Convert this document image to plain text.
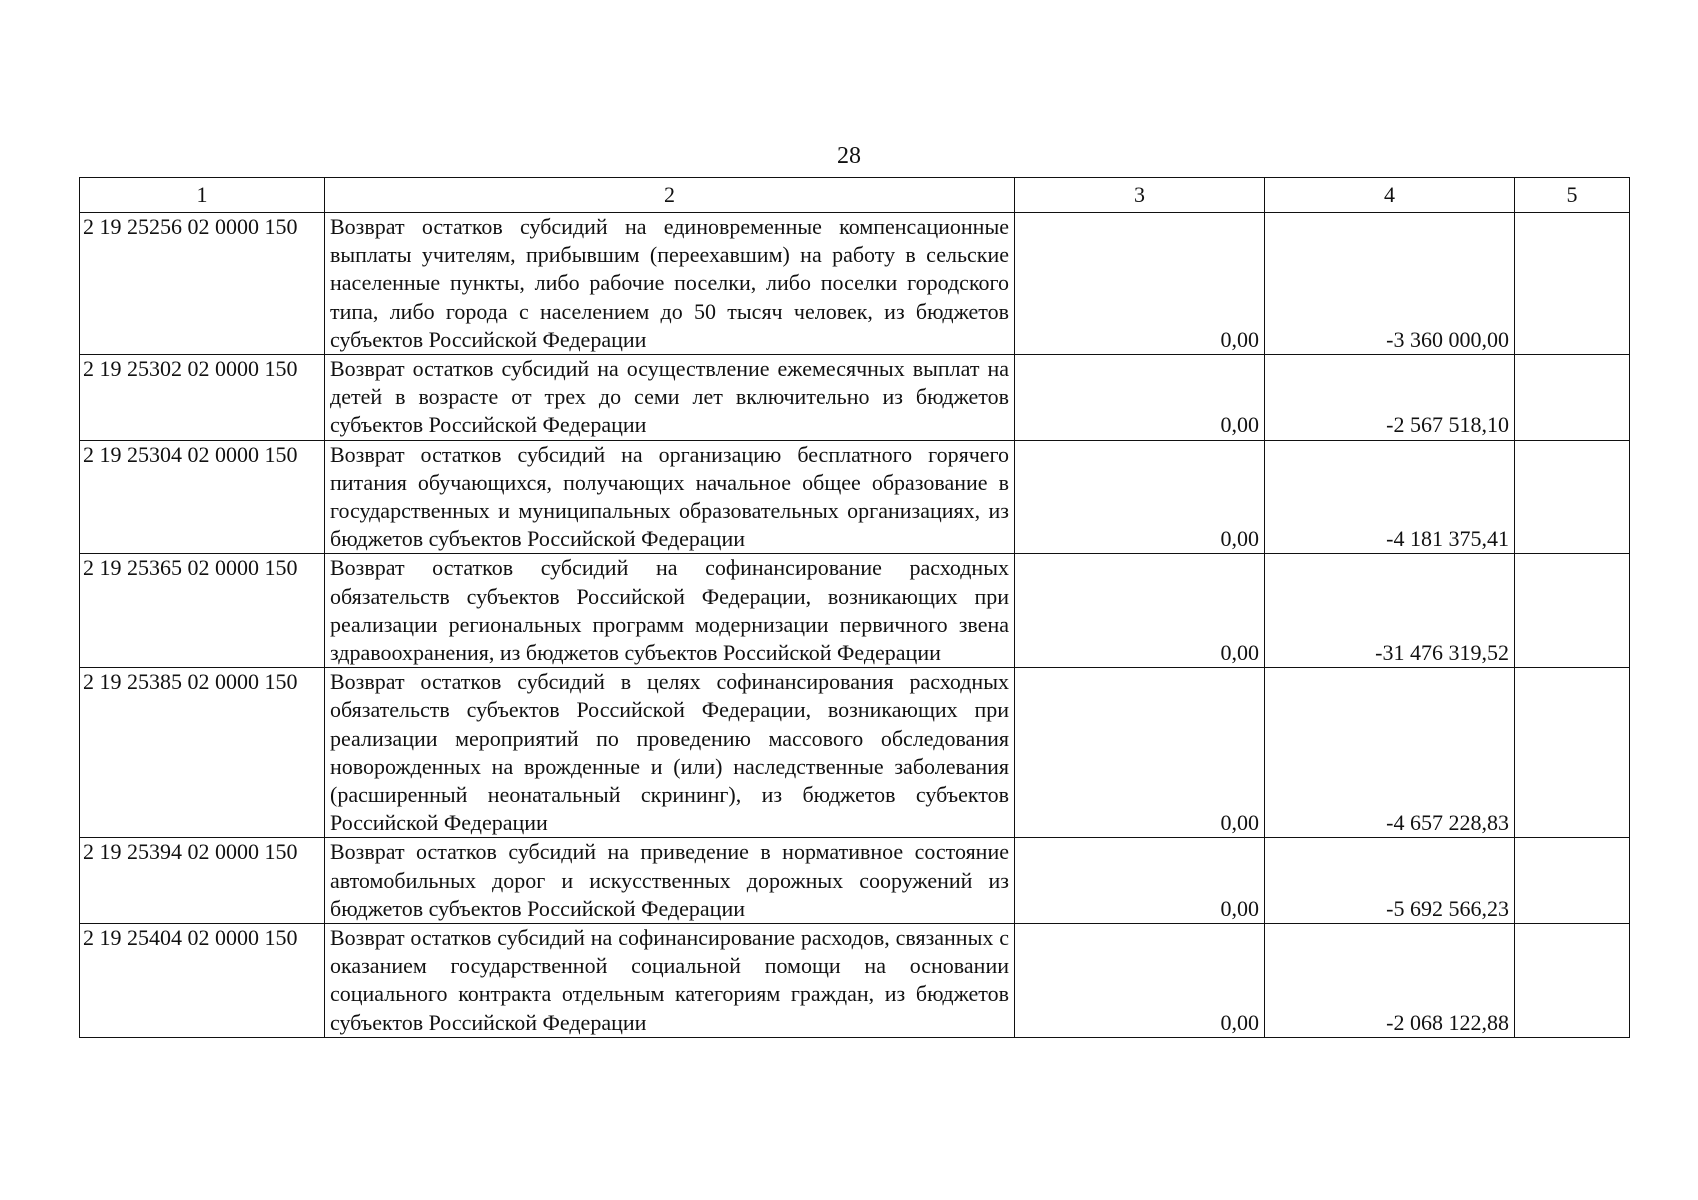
28
1	2	3	4	5
2 19 25256 02 0000 150	Возврат остатков субсидий на единовременные компенсационные выплаты учителям, прибывшим (переехавшим) на работу в сельские населенные пункты, либо рабочие поселки, либо поселки городского типа, либо города с населением до 50 тысяч человек, из бюджетов субъектов Российской Федерации	0,00	-3 360 000,00	
2 19 25302 02 0000 150	Возврат остатков субсидий на осуществление ежемесячных выплат на детей в возрасте от трех до семи лет включительно из бюджетов субъектов Российской Федерации	0,00	-2 567 518,10	
2 19 25304 02 0000 150	Возврат остатков субсидий на организацию бесплатного горячего питания обучающихся, получающих начальное общее образование в государственных и муниципальных образовательных организациях, из бюджетов субъектов Российской Федерации	0,00	-4 181 375,41	
2 19 25365 02 0000 150	Возврат остатков субсидий на софинансирование расходных обязательств субъектов Российской Федерации, возникающих при реализации региональных программ модернизации первичного звена здравоохранения, из бюджетов субъектов Российской Федерации	0,00	-31 476 319,52	
2 19 25385 02 0000 150	Возврат остатков субсидий в целях софинансирования расходных обязательств субъектов Российской Федерации, возникающих при реализации мероприятий по проведению массового обследования новорожденных на врожденные и (или) наследственные заболевания (расширенный неонатальный скрининг), из бюджетов субъектов Российской Федерации	0,00	-4 657 228,83	
2 19 25394 02 0000 150	Возврат остатков субсидий на приведение в нормативное состояние автомобильных дорог и искусственных дорожных сооружений из бюджетов субъектов Российской Федерации	0,00	-5 692 566,23	
2 19 25404 02 0000 150	Возврат остатков субсидий на софинансирование расходов, связанных с оказанием государственной социальной помощи на основании социального контракта отдельным категориям граждан, из бюджетов субъектов Российской Федерации	0,00	-2 068 122,88	
